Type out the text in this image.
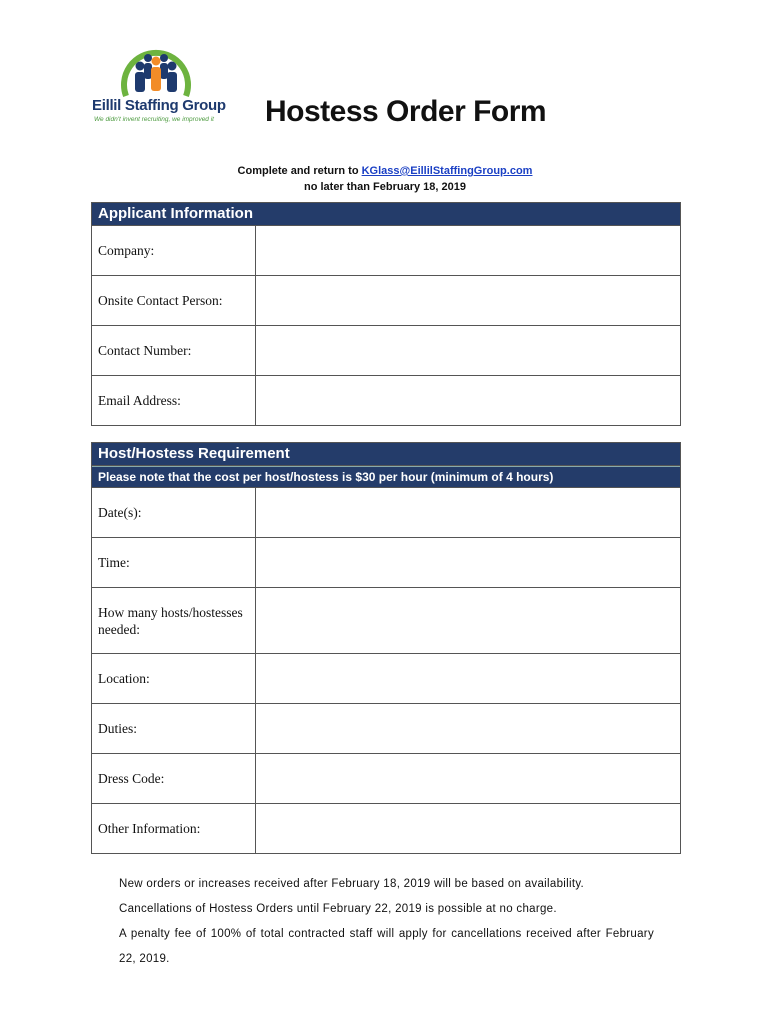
Eillil Staffing Group
We didn't invent recruiting, we improved it Hostess Order Form
Complete and return to KGlass@EillilStaffingGroup.com
no later than February 18, 2019
Applicant Information
Company:
Onsite Contact Person:
Contact Number:
Email Address:
Host/Hostess Requirement
Please note that the cost per host/hostess is $30 per hour (minimum of 4 hours)
Date(s):
Time:
How many hosts/hostesses needed:
Location:
Duties:
Dress Code:
Other Information:

New orders or increases received after February 18, 2019 will be based on availability.

Cancellations of Hostess Orders until February 22, 2019 is possible at no charge.

A penalty fee of 100% of total contracted staff will apply for cancellations received after February 22, 2019.
